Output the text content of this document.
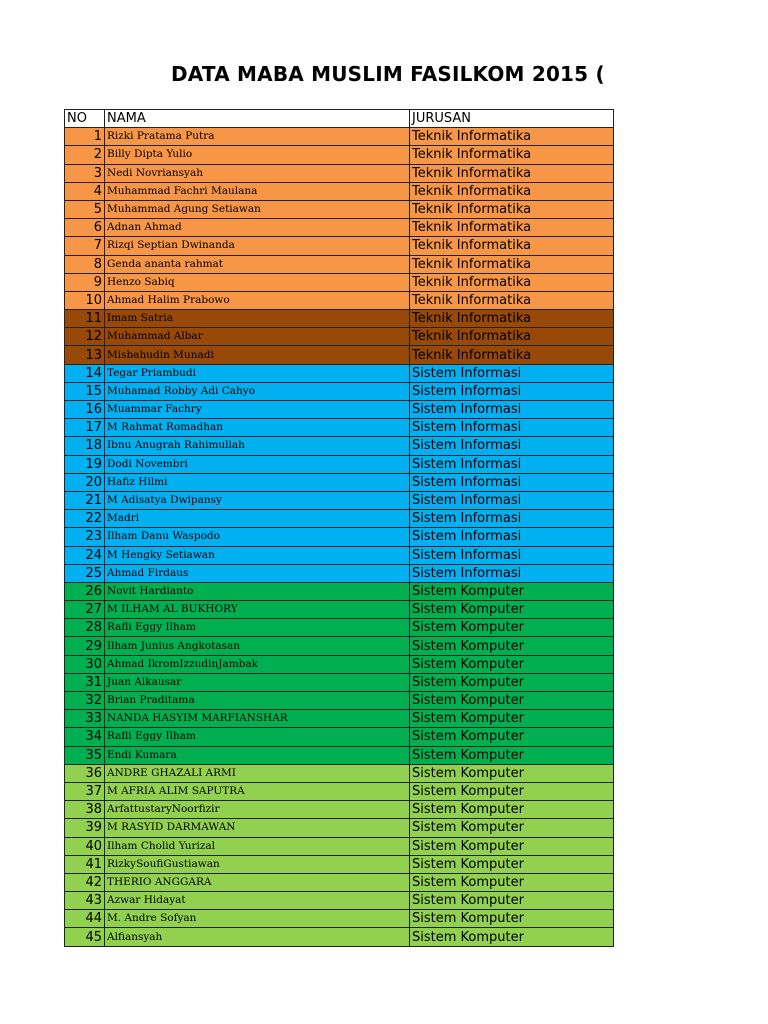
DATA MABA MUSLIM FASILKOM 2015 (
NO	NAMA	JURUSAN
1	Rizki Pratama Putra	Teknik Informatika
2	Billy Dipta Yulio	Teknik Informatika
3	Nedi Novriansyah	Teknik Informatika
4	Muhammad Fachri Maulana	Teknik Informatika
5	Muhammad Agung Setiawan	Teknik Informatika
6	Adnan Ahmad	Teknik Informatika
7	Rizqi Septian Dwinanda	Teknik Informatika
8	Genda ananta rahmat	Teknik Informatika
9	Henzo Sabiq	Teknik Informatika
10	Ahmad Halim Prabowo	Teknik Informatika
11	Imam Satria	Teknik Informatika
12	Muhammad Albar	Teknik Informatika
13	Misbahudin Munadi	Teknik Informatika
14	Tegar Priambudi	Sistem Informasi
15	Muhamad Robby Adi Cahyo	Sistem Informasi
16	Muammar Fachry	Sistem Informasi
17	M Rahmat Romadhan	Sistem Informasi
18	Ibnu Anugrah Rahimullah	Sistem Informasi
19	Dodi Novembri	Sistem Informasi
20	Hafiz Hilmi	Sistem Informasi
21	M Adisatya Dwipansy	Sistem Informasi
22	Madri	Sistem Informasi
23	Ilham Danu Waspodo	Sistem Informasi
24	M Hengky Setiawan	Sistem Informasi
25	Ahmad Firdaus	Sistem Informasi
26	Novit Hardianto	Sistem Komputer
27	M ILHAM AL BUKHORY	Sistem Komputer
28	Rafli Eggy Ilham	Sistem Komputer
29	Ilham Junius Angkotasan	Sistem Komputer
30	Ahmad IkromIzzudinJambak	Sistem Komputer
31	Juan Alkausar	Sistem Komputer
32	Brian Praditama	Sistem Komputer
33	NANDA HASYIM MARFIANSHAR	Sistem Komputer
34	Rafli Eggy Ilham	Sistem Komputer
35	Endi Kumara	Sistem Komputer
36	ANDRE GHAZALI ARMI	Sistem Komputer
37	M AFRIA ALIM SAPUTRA	Sistem Komputer
38	ArfattustaryNoorfizir	Sistem Komputer
39	M RASYID DARMAWAN	Sistem Komputer
40	Ilham Cholid Yurizal	Sistem Komputer
41	RizkySoufiGustiawan	Sistem Komputer
42	THERIO ANGGARA	Sistem Komputer
43	Azwar Hidayat	Sistem Komputer
44	M. Andre Sofyan	Sistem Komputer
45	Alfiansyah	Sistem Komputer
